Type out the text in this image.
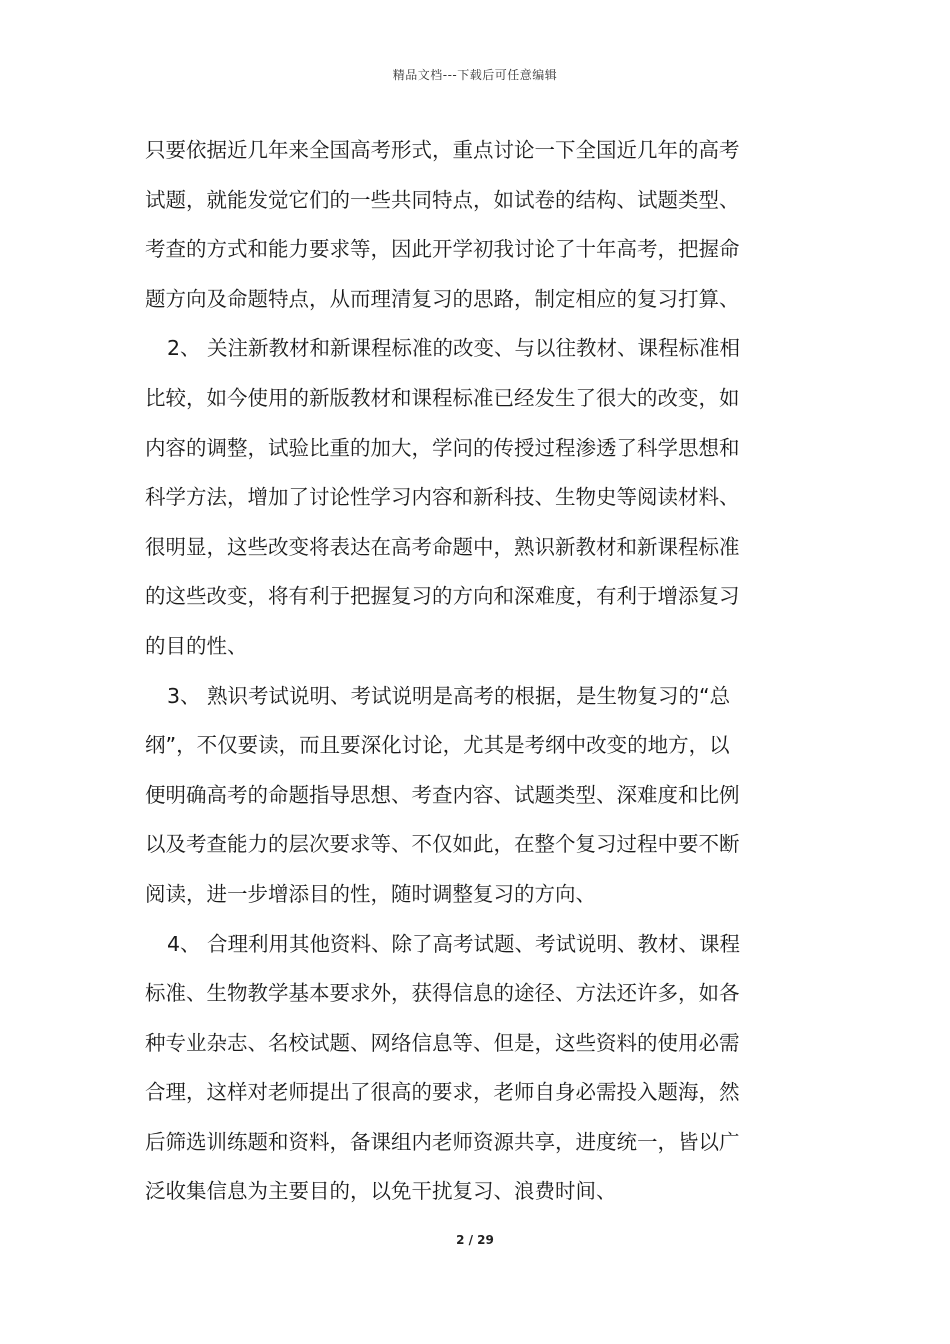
精品文档---下载后可任意编辑
只要依据近几年来全国高考形式，重点讨论一下全国近几年的高考
试题，就能发觉它们的一些共同特点，如试卷的结构、试题类型、
考查的方式和能力要求等，因此开学初我讨论了十年高考，把握命
题方向及命题特点，从而理清复习的思路，制定相应的复习打算、
2、 关注新教材和新课程标准的改变、与以往教材、课程标准相
比较，如今使用的新版教材和课程标准已经发生了很大的改变，如
内容的调整，试验比重的加大，学问的传授过程渗透了科学思想和
科学方法，增加了讨论性学习内容和新科技、生物史等阅读材料、
很明显，这些改变将表达在高考命题中，熟识新教材和新课程标准
的这些改变，将有利于把握复习的方向和深难度，有利于增添复习
的目的性、
3、 熟识考试说明、考试说明是高考的根据，是生物复习的“总
纲”，不仅要读，而且要深化讨论，尤其是考纲中改变的地方，以
便明确高考的命题指导思想、考查内容、试题类型、深难度和比例
以及考查能力的层次要求等、不仅如此，在整个复习过程中要不断
阅读，进一步增添目的性，随时调整复习的方向、
4、 合理利用其他资料、除了高考试题、考试说明、教材、课程
标准、生物教学基本要求外，获得信息的途径、方法还许多，如各
种专业杂志、名校试题、网络信息等、但是，这些资料的使用必需
合理，这样对老师提出了很高的要求，老师自身必需投入题海，然
后筛选训练题和资料，备课组内老师资源共享，进度统一，皆以广
泛收集信息为主要目的，以免干扰复习、浪费时间、
2 / 29
